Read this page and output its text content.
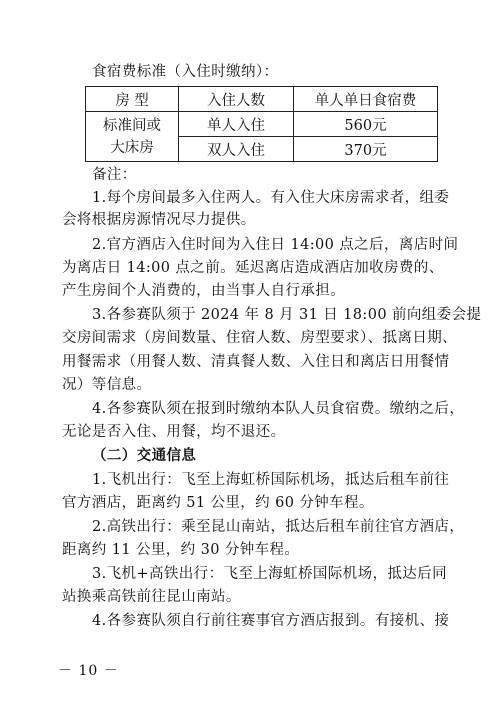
食宿费标准（入住时缴纳）：
房 型	入住人数	单人单日食宿费

标准间或
大床房	单人入住	560元
	双人入住	370元
备注：
1.每个房间最多入住两人。有入住大床房需求者，组委
会将根据房源情况尽力提供。
2.官方酒店入住时间为入住日 14:00 点之后，离店时间
为离店日 14:00 点之前。延迟离店造成酒店加收房费的、
产生房间个人消费的，由当事人自行承担。
3.各参赛队须于 2024 年 8 月 31 日 18:00 前向组委会提
交房间需求（房间数量、住宿人数、房型要求）、抵离日期、
用餐需求（用餐人数、清真餐人数、入住日和离店日用餐情
况）等信息。
4.各参赛队须在报到时缴纳本队人员食宿费。缴纳之后，
无论是否入住、用餐，均不退还。
（二）交通信息
1.飞机出行：飞至上海虹桥国际机场，抵达后租车前往
官方酒店，距离约 51 公里，约 60 分钟车程。
2.高铁出行：乘至昆山南站，抵达后租车前往官方酒店，
距离约 11 公里，约 30 分钟车程。
3.飞机+高铁出行：飞至上海虹桥国际机场，抵达后同
站换乘高铁前往昆山南站。
4.各参赛队须自行前往赛事官方酒店报到。有接机、接
－ 10 －
